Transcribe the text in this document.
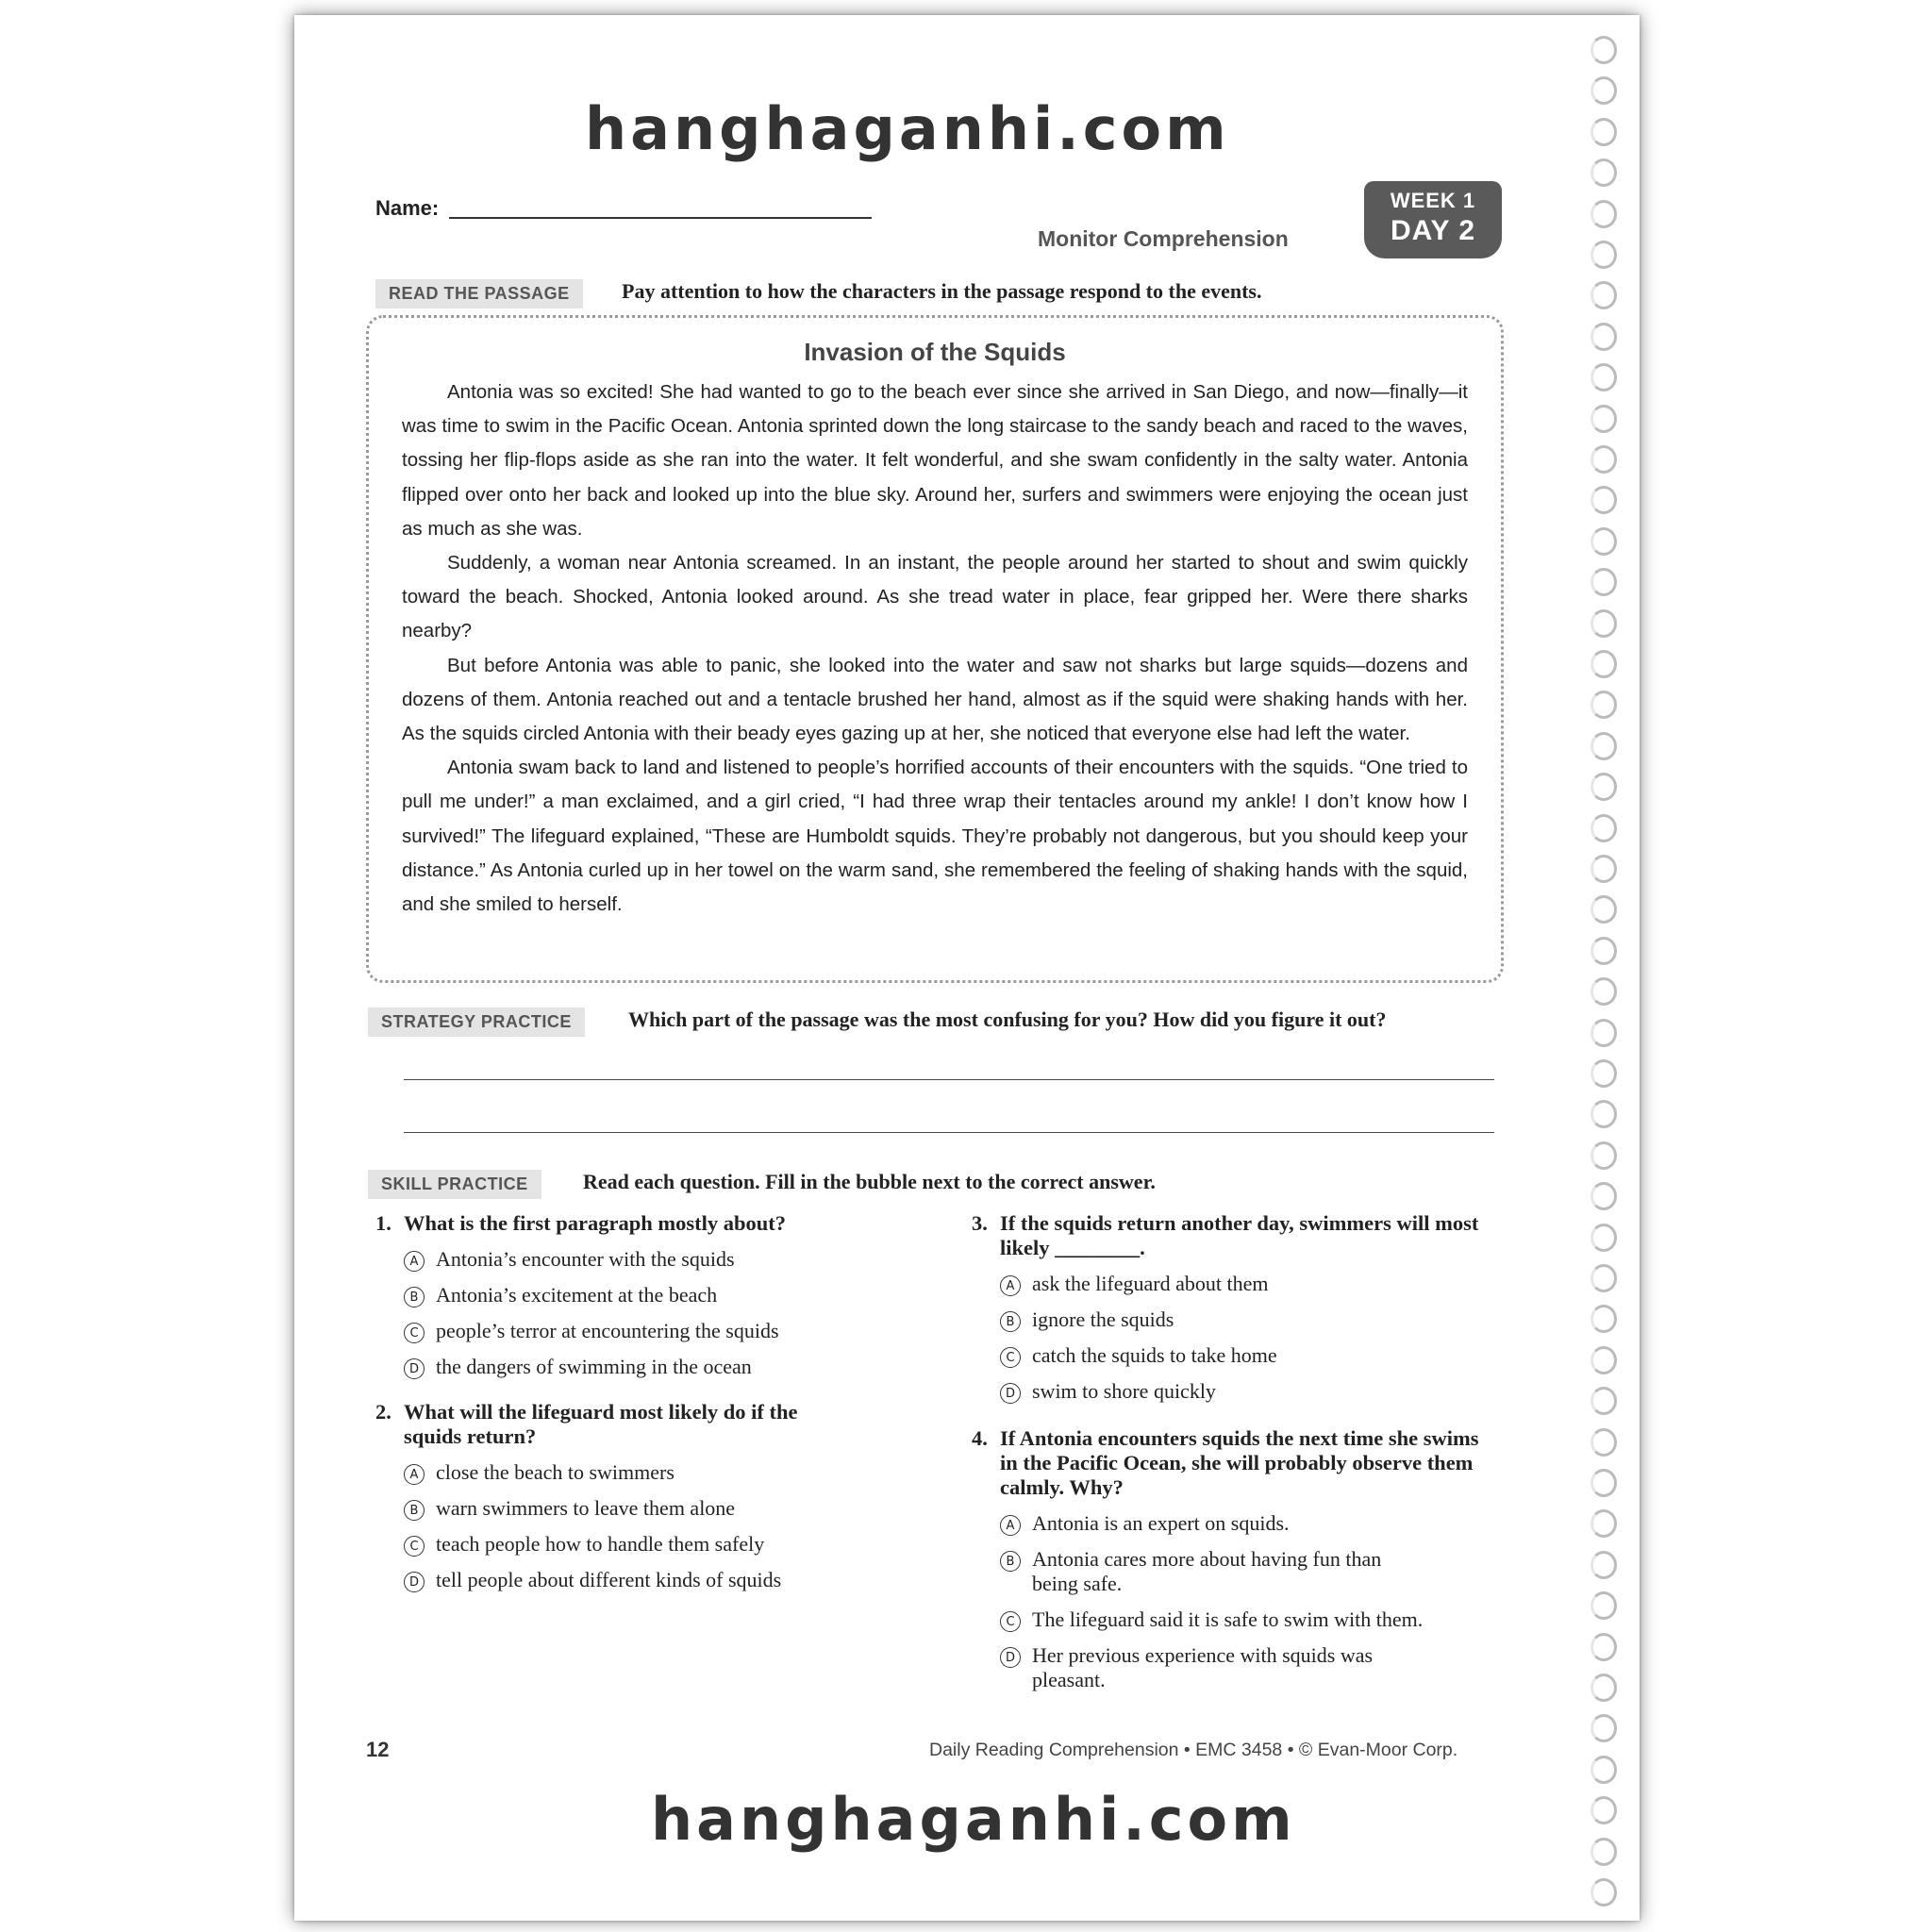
hanghaganhi.com
Name:
Monitor Comprehension
WEEK 1
DAY 2
READ THE PASSAGE	Pay attention to how the characters in the passage respond to the events.
Invasion of the Squids

Antonia was so excited! She had wanted to go to the beach ever since she arrived in San Diego, and now—finally—it was time to swim in the Pacific Ocean. Antonia sprinted down the long staircase to the sandy beach and raced to the waves, tossing her flip-flops aside as she ran into the water. It felt wonderful, and she swam confidently in the salty water. Antonia flipped over onto her back and looked up into the blue sky. Around her, surfers and swimmers were enjoying the ocean just as much as she was.

Suddenly, a woman near Antonia screamed. In an instant, the people around her started to shout and swim quickly toward the beach. Shocked, Antonia looked around. As she tread water in place, fear gripped her. Were there sharks nearby?

But before Antonia was able to panic, she looked into the water and saw not sharks but large squids—dozens and dozens of them. Antonia reached out and a tentacle brushed her hand, almost as if the squid were shaking hands with her. As the squids circled Antonia with their beady eyes gazing up at her, she noticed that everyone else had left the water.

Antonia swam back to land and listened to people’s horrified accounts of their encounters with the squids. “One tried to pull me under!” a man exclaimed, and a girl cried, “I had three wrap their tentacles around my ankle! I don’t know how I survived!” The lifeguard explained, “These are Humboldt squids. They’re probably not dangerous, but you should keep your distance.” As Antonia curled up in her towel on the warm sand, she remembered the feeling of shaking hands with the squid, and she smiled to herself.

STRATEGY PRACTICE	Which part of the passage was the most confusing for you? How did you figure it out?
SKILL PRACTICE	Read each question. Fill in the bubble next to the correct answer.
1. What is the first paragraph mostly about?
A Antonia’s encounter with the squids
B Antonia’s excitement at the beach
C people’s terror at encountering the squids
D the dangers of swimming in the ocean
2. What will the lifeguard most likely do if the squids return?
A close the beach to swimmers
B warn swimmers to leave them alone
C teach people how to handle them safely
D tell people about different kinds of squids
3. If the squids return another day, swimmers will most likely ________.
A ask the lifeguard about them
B ignore the squids
C catch the squids to take home
D swim to shore quickly
4. If Antonia encounters squids the next time she swims in the Pacific Ocean, she will probably observe them calmly. Why?
A Antonia is an expert on squids.
B Antonia cares more about having fun than being safe.
C The lifeguard said it is safe to swim with them.
D Her previous experience with squids was pleasant.
12	Daily Reading Comprehension • EMC 3458 • © Evan-Moor Corp.
hanghaganhi.com
